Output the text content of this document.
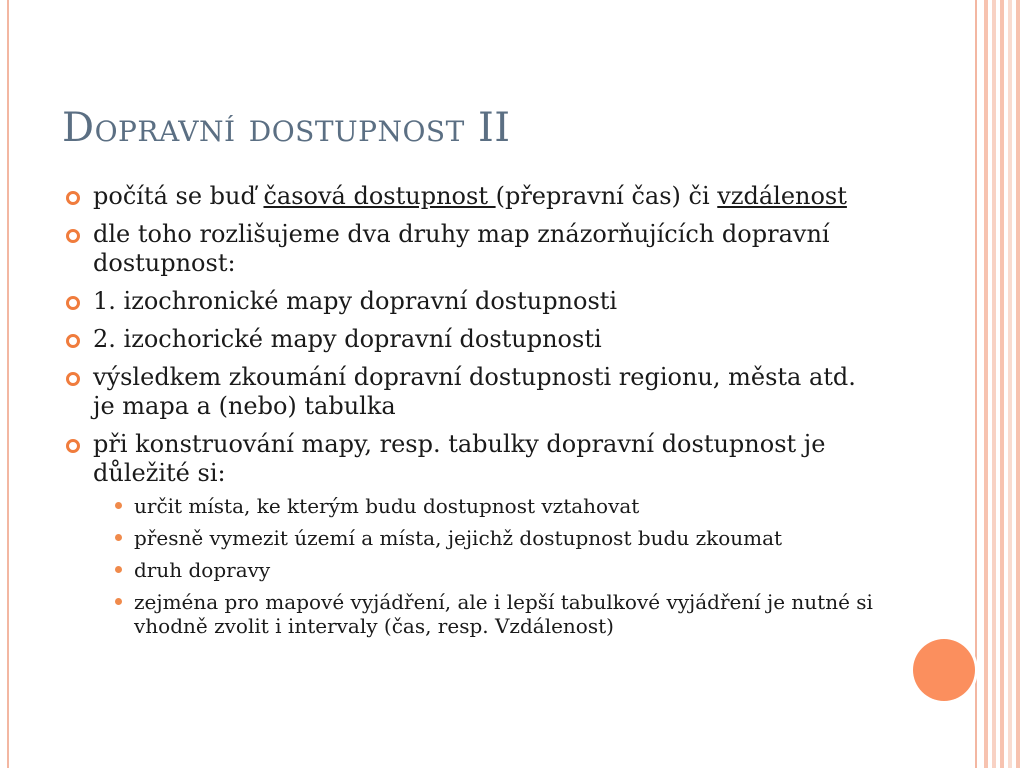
Dopravní dostupnost II
počítá se buď časová dostupnost (přepravní čas) či vzdálenost
dle toho rozlišujeme dva druhy map znázorňujících dopravní dostupnost:
1. izochronické mapy dopravní dostupnosti
2. izochorické mapy dopravní dostupnosti
výsledkem zkoumání dopravní dostupnosti regionu, města atd. je mapa a (nebo) tabulka
při konstruování mapy, resp. tabulky dopravní dostupnost je důležité si:
určit místa, ke kterým budu dostupnost vztahovat
přesně vymezit území a místa, jejichž dostupnost budu zkoumat
druh dopravy
zejména pro mapové vyjádření, ale i lepší tabulkové vyjádření je nutné si vhodně zvolit i intervaly (čas, resp. Vzdálenost)
